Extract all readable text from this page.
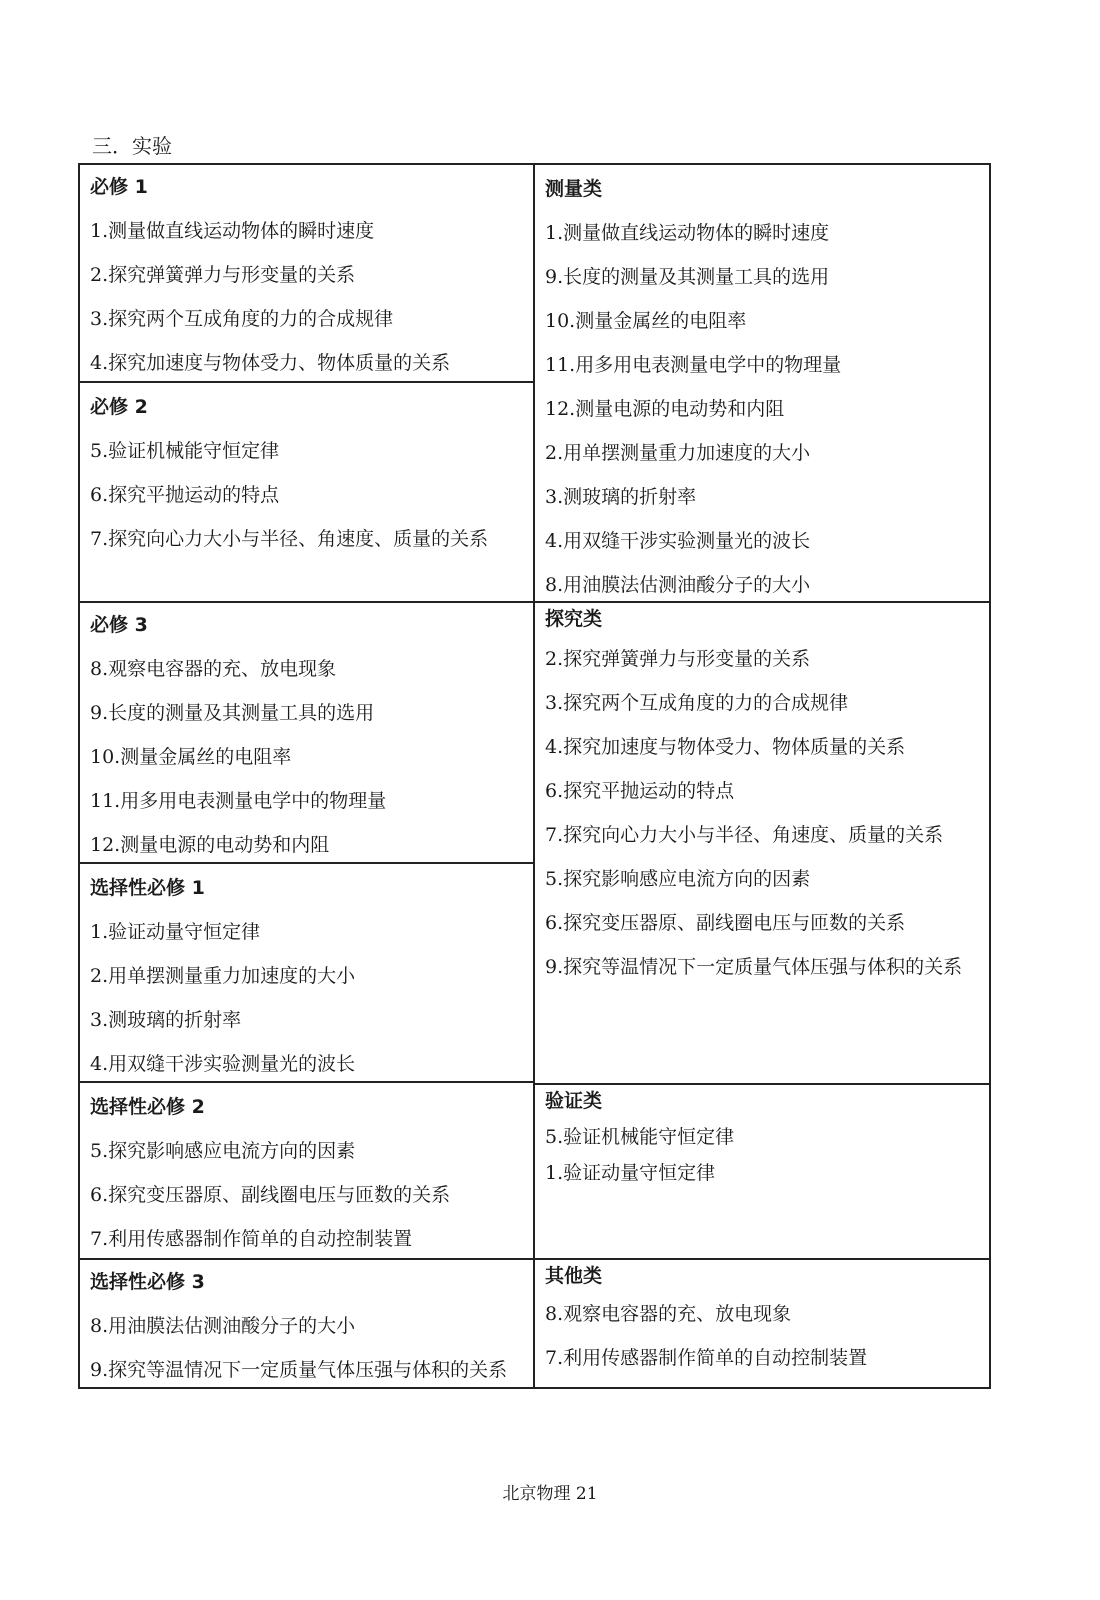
三．实验
必修 1
1.测量做直线运动物体的瞬时速度
2.探究弹簧弹力与形变量的关系
3.探究两个互成角度的力的合成规律
4.探究加速度与物体受力、物体质量的关系
必修 2
5.验证机械能守恒定律
6.探究平抛运动的特点
7.探究向心力大小与半径、角速度、质量的关系
必修 3
8.观察电容器的充、放电现象
9.长度的测量及其测量工具的选用
10.测量金属丝的电阻率
11.用多用电表测量电学中的物理量
12.测量电源的电动势和内阻
选择性必修 1
1.验证动量守恒定律
2.用单摆测量重力加速度的大小
3.测玻璃的折射率
4.用双缝干涉实验测量光的波长
选择性必修 2
5.探究影响感应电流方向的因素
6.探究变压器原、副线圈电压与匝数的关系
7.利用传感器制作简单的自动控制装置
选择性必修 3
8.用油膜法估测油酸分子的大小
9.探究等温情况下一定质量气体压强与体积的关系
测量类
1.测量做直线运动物体的瞬时速度
9.长度的测量及其测量工具的选用
10.测量金属丝的电阻率
11.用多用电表测量电学中的物理量
12.测量电源的电动势和内阻
2.用单摆测量重力加速度的大小
3.测玻璃的折射率
4.用双缝干涉实验测量光的波长
8.用油膜法估测油酸分子的大小
探究类
2.探究弹簧弹力与形变量的关系
3.探究两个互成角度的力的合成规律
4.探究加速度与物体受力、物体质量的关系
6.探究平抛运动的特点
7.探究向心力大小与半径、角速度、质量的关系
5.探究影响感应电流方向的因素
6.探究变压器原、副线圈电压与匝数的关系
9.探究等温情况下一定质量气体压强与体积的关系
验证类
5.验证机械能守恒定律
1.验证动量守恒定律
其他类
8.观察电容器的充、放电现象
7.利用传感器制作简单的自动控制装置
北京物理 21
